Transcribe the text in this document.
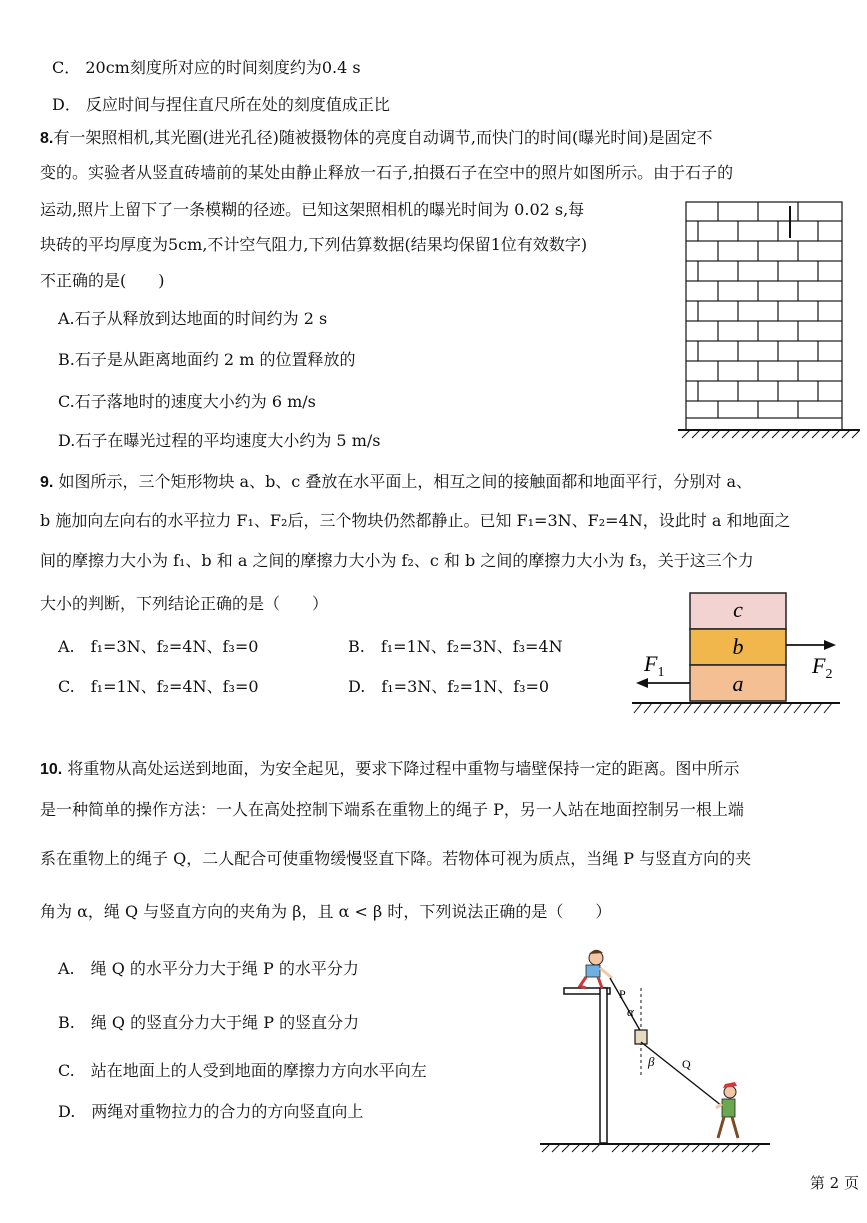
C． 20cm刻度所对应的时间刻度约为0.4 s
D． 反应时间与捏住直尺所在处的刻度值成正比
8.有一架照相机,其光圈(进光孔径)随被摄物体的亮度自动调节,而快门的时间(曝光时间)是固定不
变的。实验者从竖直砖墙前的某处由静止释放一石子,拍摄石子在空中的照片如图所示。由于石子的
运动,照片上留下了一条模糊的径迹。已知这架照相机的曝光时间为 0.02 s,每
块砖的平均厚度为5cm,不计空气阻力,下列估算数据(结果均保留1位有效数字)
不正确的是(　　)
A.石子从释放到达地面的时间约为 2 s
B.石子是从距离地面约 2 m 的位置释放的
C.石子落地时的速度大小约为 6 m/s
D.石子在曝光过程的平均速度大小约为 5 m/s
9. 如图所示，三个矩形物块 a、b、c 叠放在水平面上，相互之间的接触面都和地面平行，分别对 a、
b 施加向左向右的水平拉力 F₁、F₂后，三个物块仍然都静止。已知 F₁=3N、F₂=4N，设此时 a 和地面之
间的摩擦力大小为 f₁、b 和 a 之间的摩擦力大小为 f₂、c 和 b 之间的摩擦力大小为 f₃，关于这三个力
大小的判断，下列结论正确的是（　　）
A.　f₁=3N、f₂=4N、f₃=0	B.　f₁=1N、f₂=3N、f₃=4N
C.　f₁=1N、f₂=4N、f₃=0	D.　f₁=3N、f₂=1N、f₃=0
c
b
a
$F_1$	$F_2$
10. 将重物从高处运送到地面，为安全起见，要求下降过程中重物与墙壁保持一定的距离。图中所示
是一种简单的操作方法：一人在高处控制下端系在重物上的绳子 P，另一人站在地面控制另一根上端
系在重物上的绳子 Q，二人配合可使重物缓慢竖直下降。若物体可视为质点，当绳 P 与竖直方向的夹
角为 α，绳 Q 与竖直方向的夹角为 β，且 α < β 时，下列说法正确的是（　　）
A.　绳 Q 的水平分力大于绳 P 的水平分力
B.　绳 Q 的竖直分力大于绳 P 的竖直分力
C.　站在地面上的人受到地面的摩擦力方向水平向左
D.　两绳对重物拉力的合力的方向竖直向上
P
α
β Q
第 2 页
